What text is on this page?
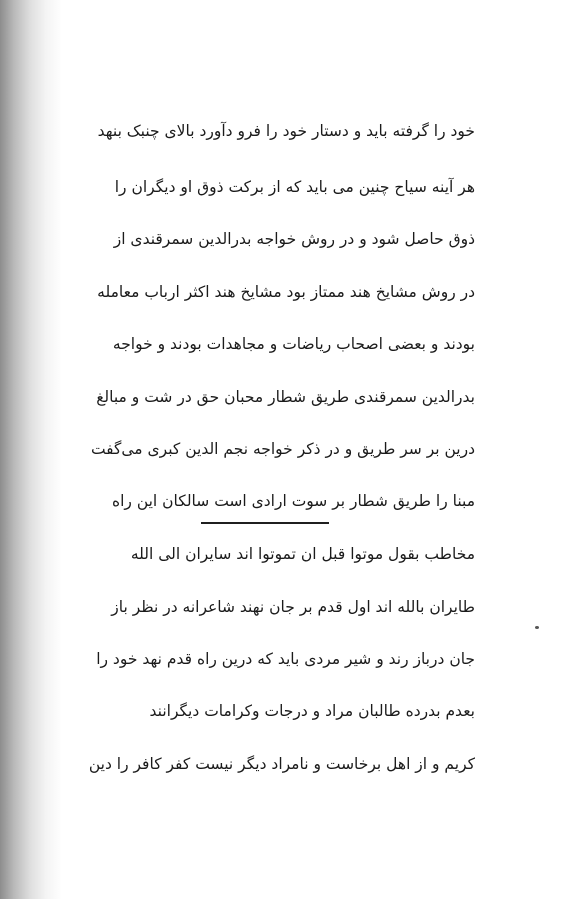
خود را گرفته باید و دستار خود را فرو دآورد بالای چنبک بنهد
هر آینه سیاح چنین می باید که از برکت ذوق او دیگران را
ذوق حاصل شود و در روش خواجه بدرالدین سمرقندی از
در روش مشایخ هند ممتاز بود مشایخ هند اکثر ارباب معامله
بودند و بعضی اصحاب ریاضات و مجاهدات بودند و خواجه
بدرالدین سمرقندی طریق شطار محبان حق در شت و مبالغ
درین بر سر طریق و در ذکر خواجه نجم الدین کبری می‌گفت
مبنا را طریق شطار بر سوت ارادی است سالکان این راه
مخاطب بقول موتوا قبل ان تموتوا اند سایران الی الله
طایران بالله اند اول قدم بر جان نهند شاعرانه در نظر باز
جان درباز رند و شیر مردی باید که درین راه قدم نهد خود را
بعدم بدرده طالبان مراد و درجات وکرامات دیگرانند
کریم و از اهل برخاست و نامراد دیگر نیست کفر کافر را دین
